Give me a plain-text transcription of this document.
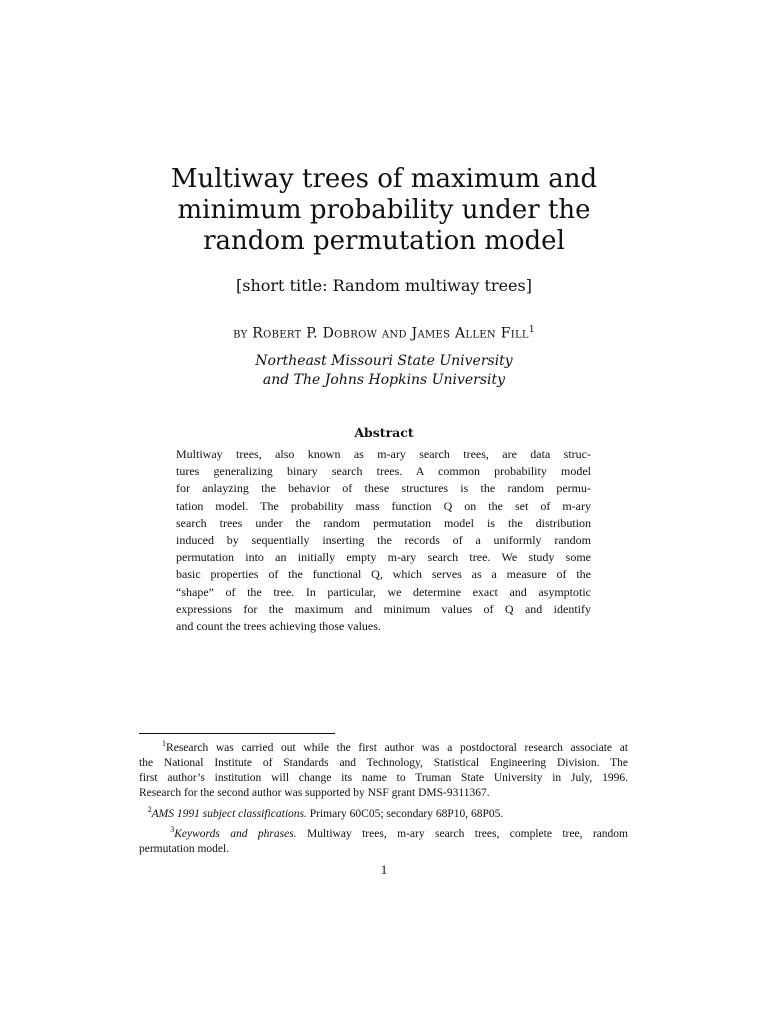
Multiway trees of maximum and
minimum probability under the
random permutation model
[short title: Random multiway trees]
by Robert P. Dobrow and James Allen Fill$^1$
Northeast Missouri State University
and The Johns Hopkins University
Abstract
Multiway trees, also known as m-ary search trees, are data struc-
tures generalizing binary search trees. A common probability model
for anlayzing the behavior of these structures is the random permu-
tation model. The probability mass function Q on the set of m-ary
search trees under the random permutation model is the distribution
induced by sequentially inserting the records of a uniformly random
permutation into an initially empty m-ary search tree. We study some
basic properties of the functional Q, which serves as a measure of the
“shape” of the tree. In particular, we determine exact and asymptotic
expressions for the maximum and minimum values of Q and identify
and count the trees achieving those values.
$^1$Research was carried out while the first author was a postdoctoral research associate at
the National Institute of Standards and Technology, Statistical Engineering Division. The
first author’s institution will change its name to Truman State University in July, 1996.
Research for the second author was supported by NSF grant DMS-9311367.
$^2$AMS 1991 subject classifications. Primary 60C05; secondary 68P10, 68P05.
$^3$Keywords and phrases. Multiway trees, m-ary search trees, complete tree, random
permutation model.
1
